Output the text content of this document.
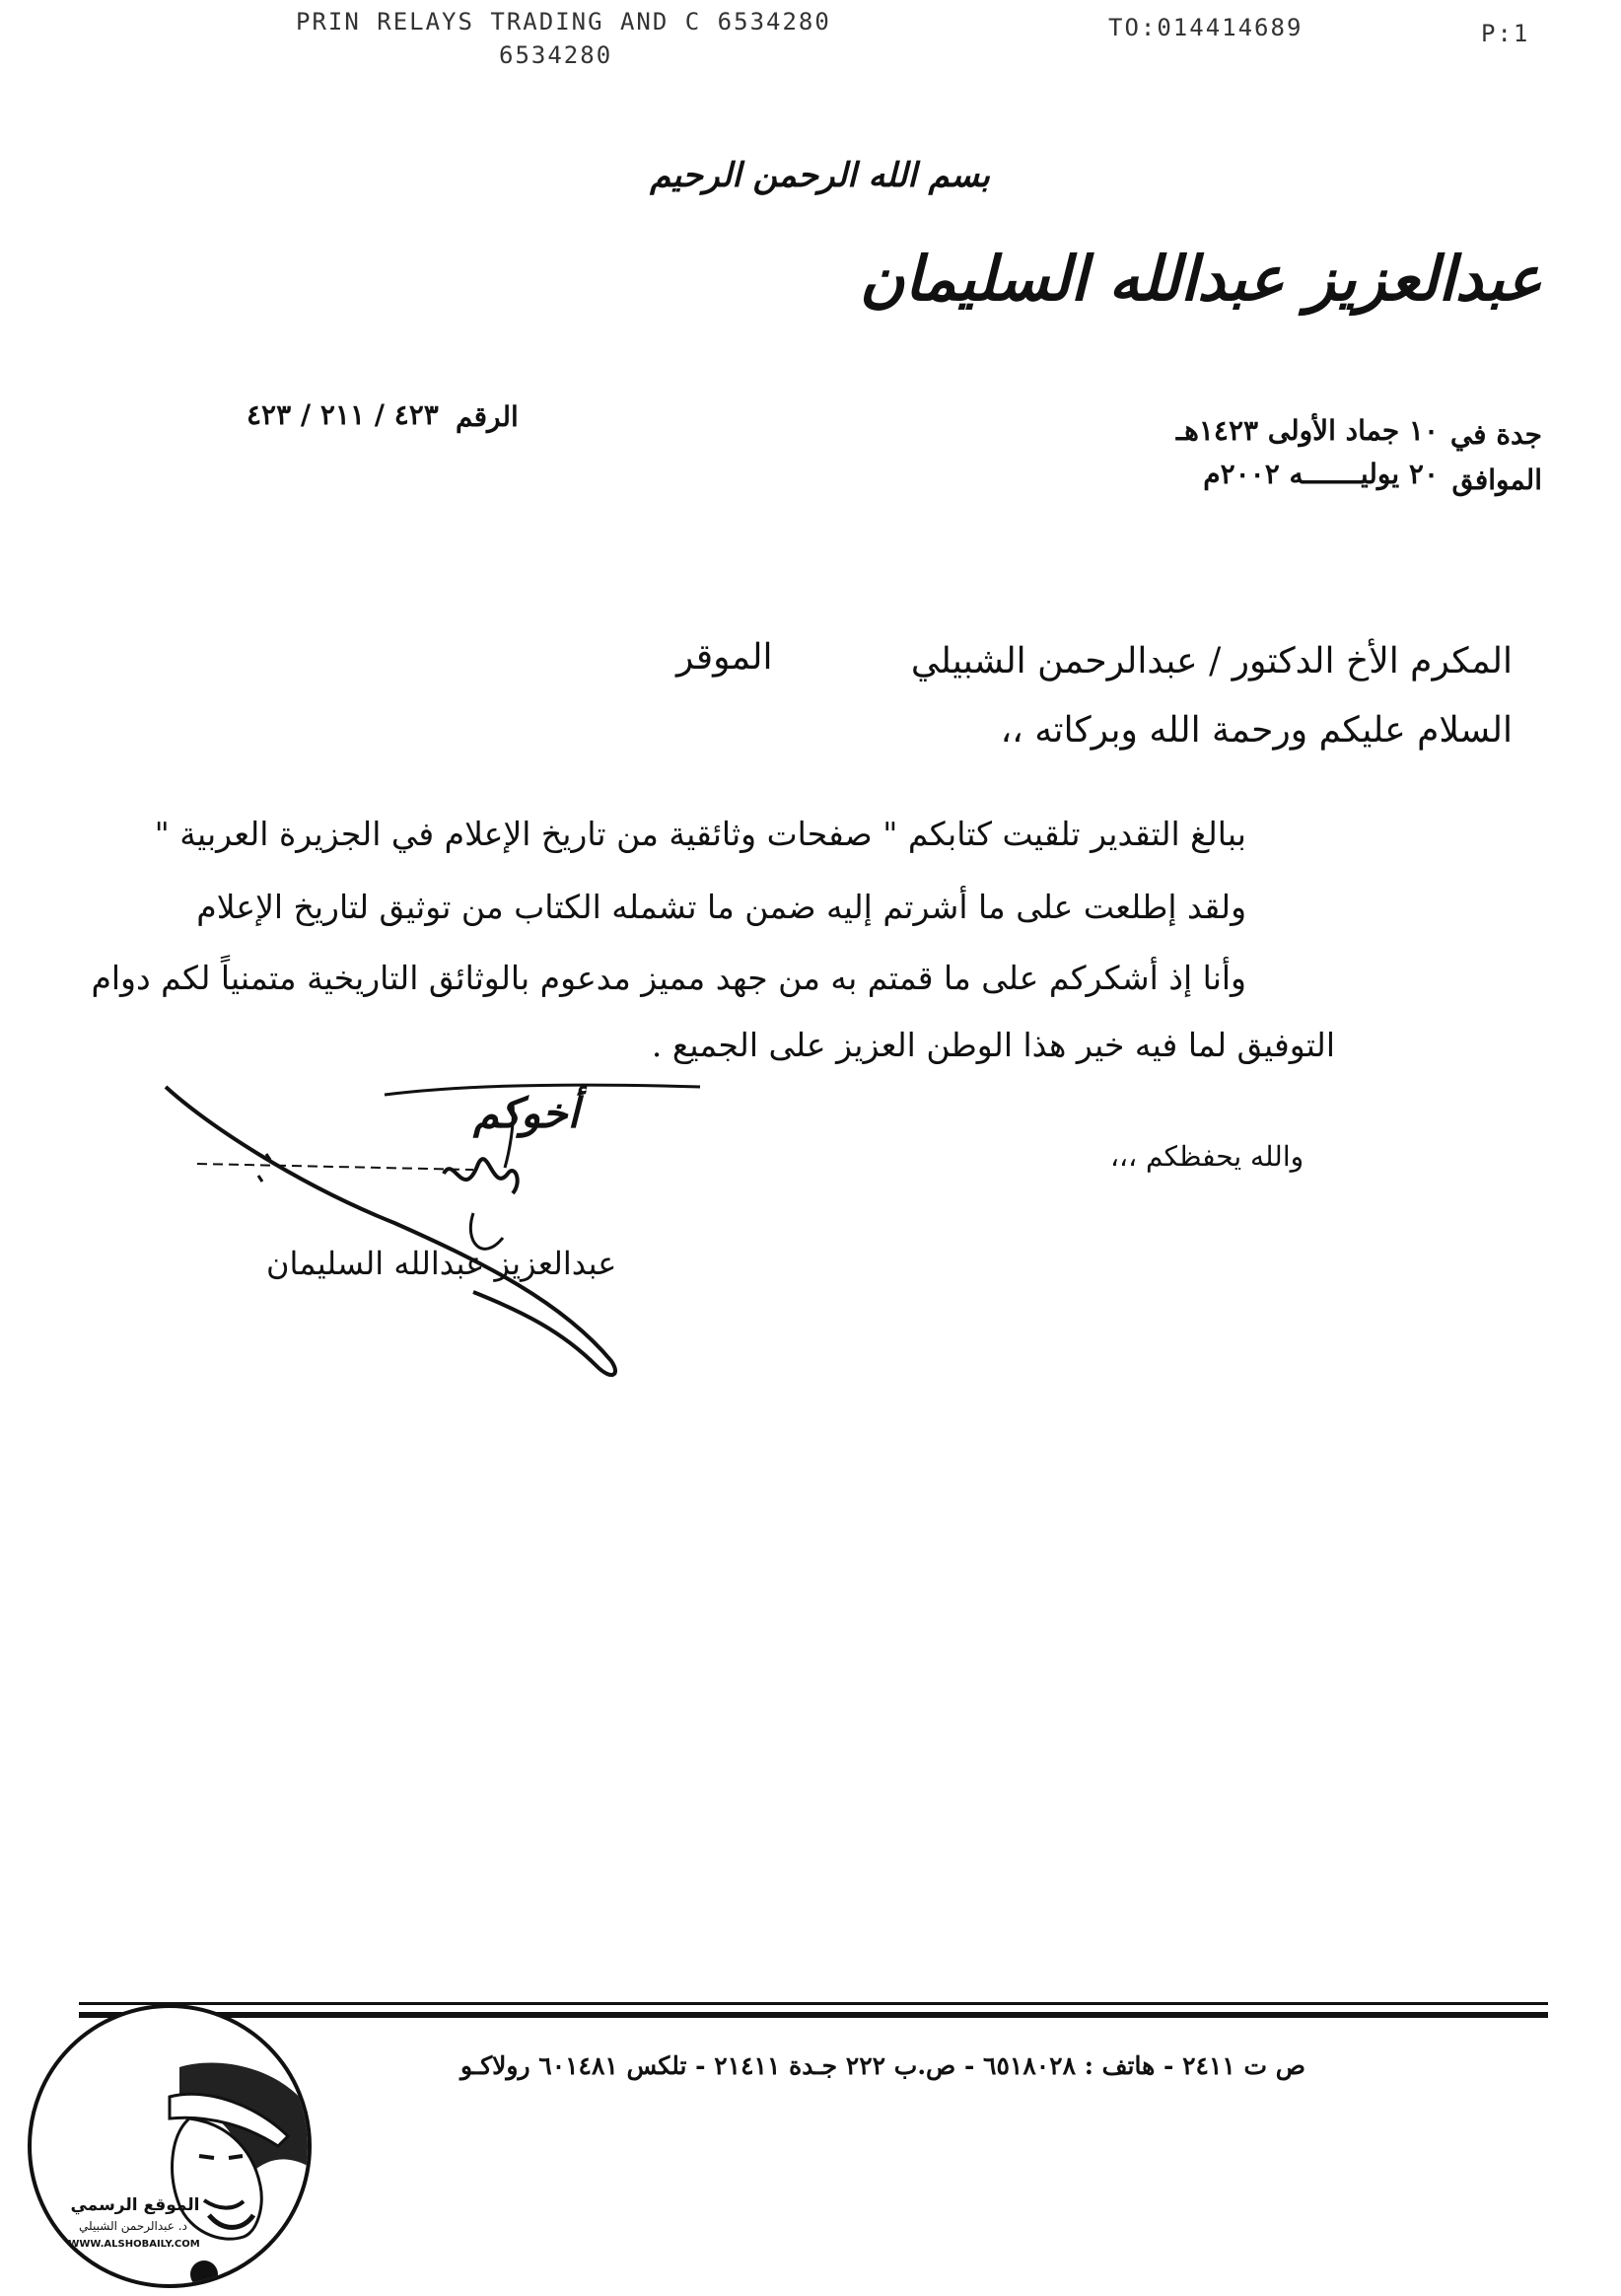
PRIN RELAYS TRADING AND C 6534280
6534280
TO:014414689	P:1
بسم الله الرحمن الرحيم
عبدالعزيز عبدالله السليمان
٤٢٣ / ٢١١ / ٤٢٣ الرقم
جدة في
١٠ جماد الأولى ١٤٢٣هـ
الموافق
٢٠ يوليـــــــه ٢٠٠٢م
المكرم الأخ الدكتور / عبدالرحمن الشبيلي
الموقر
السلام عليكم ورحمة الله وبركاته ،،
ببالغ التقدير تلقيت كتابكم " صفحات وثائقية من تاريخ الإعلام في الجزيرة العربية "
ولقد إطلعت على ما أشرتم إليه ضمن ما تشمله الكتاب من توثيق لتاريخ الإعلام
وأنا إذ أشكركم على ما قمتم به من جهد مميز مدعوم بالوثائق التاريخية متمنياً لكم دوام
التوفيق لما فيه خير هذا الوطن العزيز على الجميع .
والله يحفظكم ،،،
أخوكم
عبدالعزيز عبدالله السليمان
ص ت ٢٤١١ - هاتف : ٦٥١٨٠٢٨ - ص.ب ٢٢٢ جـدة ٢١٤١١ - تلكس ٦٠١٤٨١ رولاكـو
الموقع الرسمي
د. عبدالرحمن الشبيلي
WWW.ALSHOBAILY.COM
